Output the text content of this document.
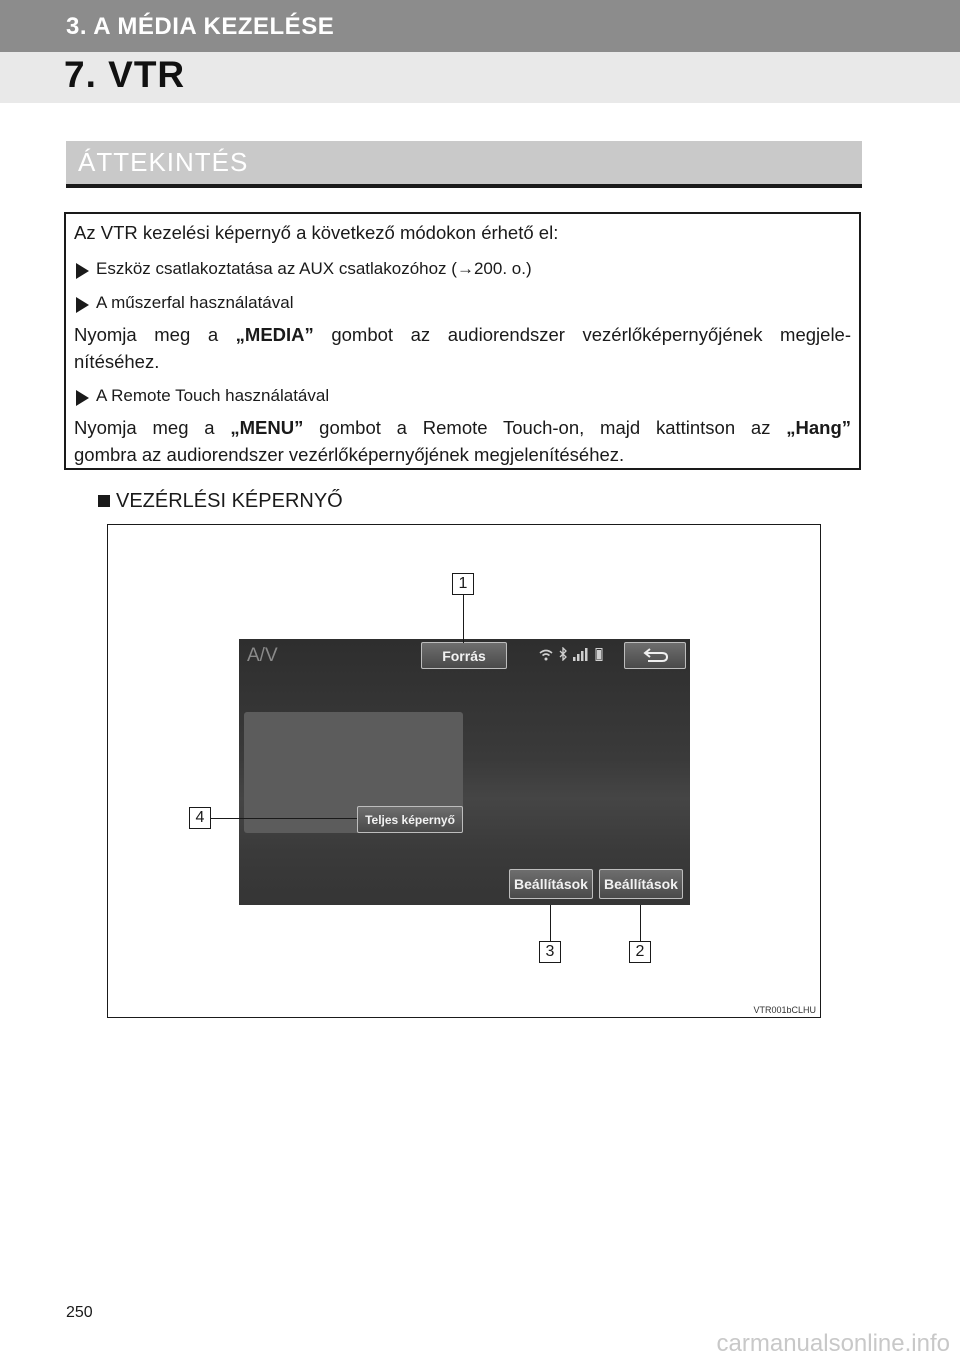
3. A MÉDIA KEZELÉSE
7. VTR
ÁTTEKINTÉS
Az VTR kezelési képernyő a következő módokon érhető el:
Eszköz csatlakoztatása az AUX csatlakozóhoz (→200. o.)
A műszerfal használatával
Nyomja meg a „MEDIA” gombot az audiorendszer vezérlőképernyőjének megjele-
nítéséhez.
A Remote Touch használatával
Nyomja meg a „MENU” gombot a Remote Touch-on, majd kattintson az „Hang”
gombra az audiorendszer vezérlőképernyőjének megjelenítéséhez.
VEZÉRLÉSI KÉPERNYŐ
A/V	Forrás
Teljes képernyő
Beállítások	Beállítások
1
4
3	2
VTR001bCLHU
250
carmanualsonline.info
